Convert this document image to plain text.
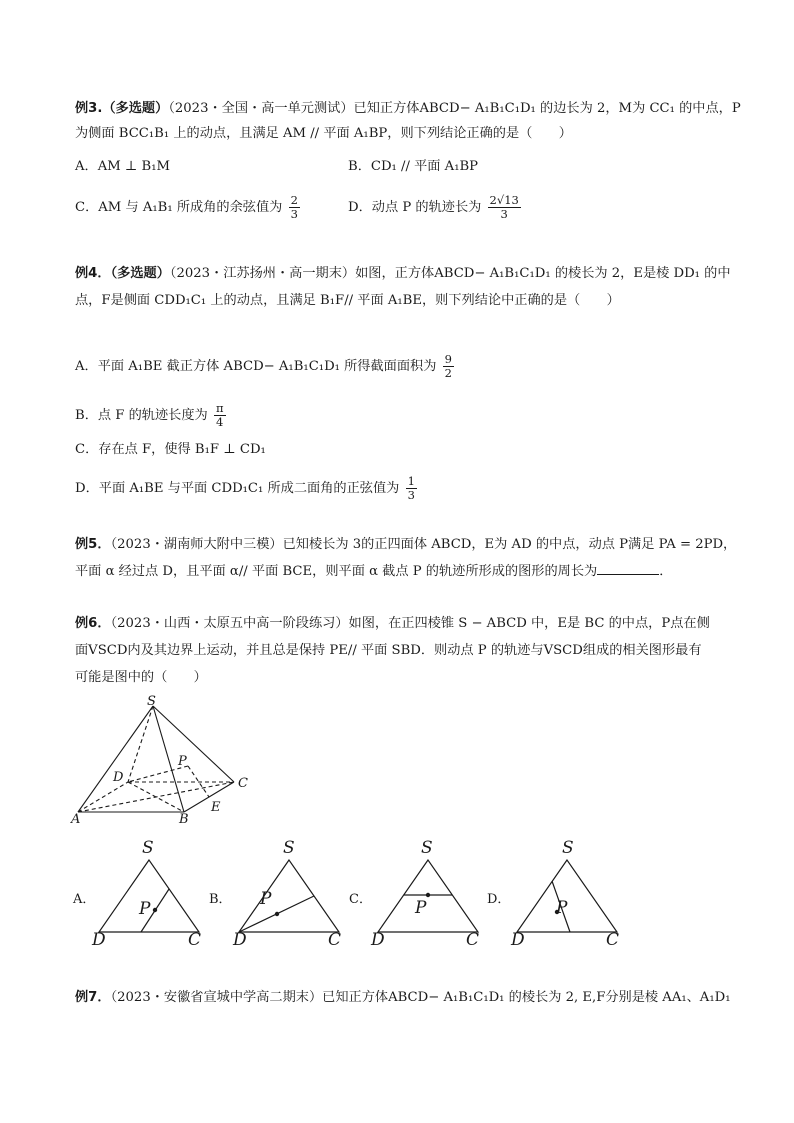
例3.（多选题）（2023・全国・高一单元测试）已知正方体ABCD− A₁B₁C₁D₁ 的边长为 2，M为 CC₁ 的中点，P
为侧面 BCC₁B₁ 上的动点，且满足 AM // 平面 A₁BP，则下列结论正确的是（　　）
A．AM ⊥ B₁M	B．CD₁ // 平面 A₁BP
C．AM 与 A₁B₁ 所成角的余弦值为 $\frac{2}{3}$	D．动点 P 的轨迹长为 $\frac{2√13}{3}$
例4．（多选题）（2023・江苏扬州・高一期末）如图，正方体ABCD− A₁B₁C₁D₁ 的棱长为 2，E是棱 DD₁ 的中
点，F是侧面 CDD₁C₁ 上的动点，且满足 B₁F// 平面 A₁BE，则下列结论中正确的是（　　）
A．平面 A₁BE 截正方体 ABCD− A₁B₁C₁D₁ 所得截面面积为 $\frac{9}{2}$
B．点 F 的轨迹长度为 $\frac{\pi}{4}$
C．存在点 F，使得 B₁F ⊥ CD₁
D．平面 A₁BE 与平面 CDD₁C₁ 所成二面角的正弦值为 $\frac{1}{3}$
例5．（2023・湖南师大附中三模）已知棱长为 3的正四面体 ABCD，E为 AD 的中点，动点 P满足 PA = 2PD，
平面 α 经过点 D，且平面 α// 平面 BCE，则平面 α 截点 P 的轨迹所形成的图形的周长为	．
例6．（2023・山西・太原五中高一阶段练习）如图，在正四棱锥 S − ABCD 中，E是 BC 的中点，P点在侧
面VSCD内及其边界上运动，并且总是保持 PE// 平面 SBD．则动点 P 的轨迹与VSCD组成的相关图形最有
可能是图中的（　　）
S
D
P
C
E
A	B
A．
S
P
D	C
B．
S
P
D	C
C．
S
P
D	C
D．
S
P
D	C
例7．（2023・安徽省宣城中学高二期末）已知正方体ABCD− A₁B₁C₁D₁ 的棱长为 2, E,F分别是棱 AA₁、A₁D₁
